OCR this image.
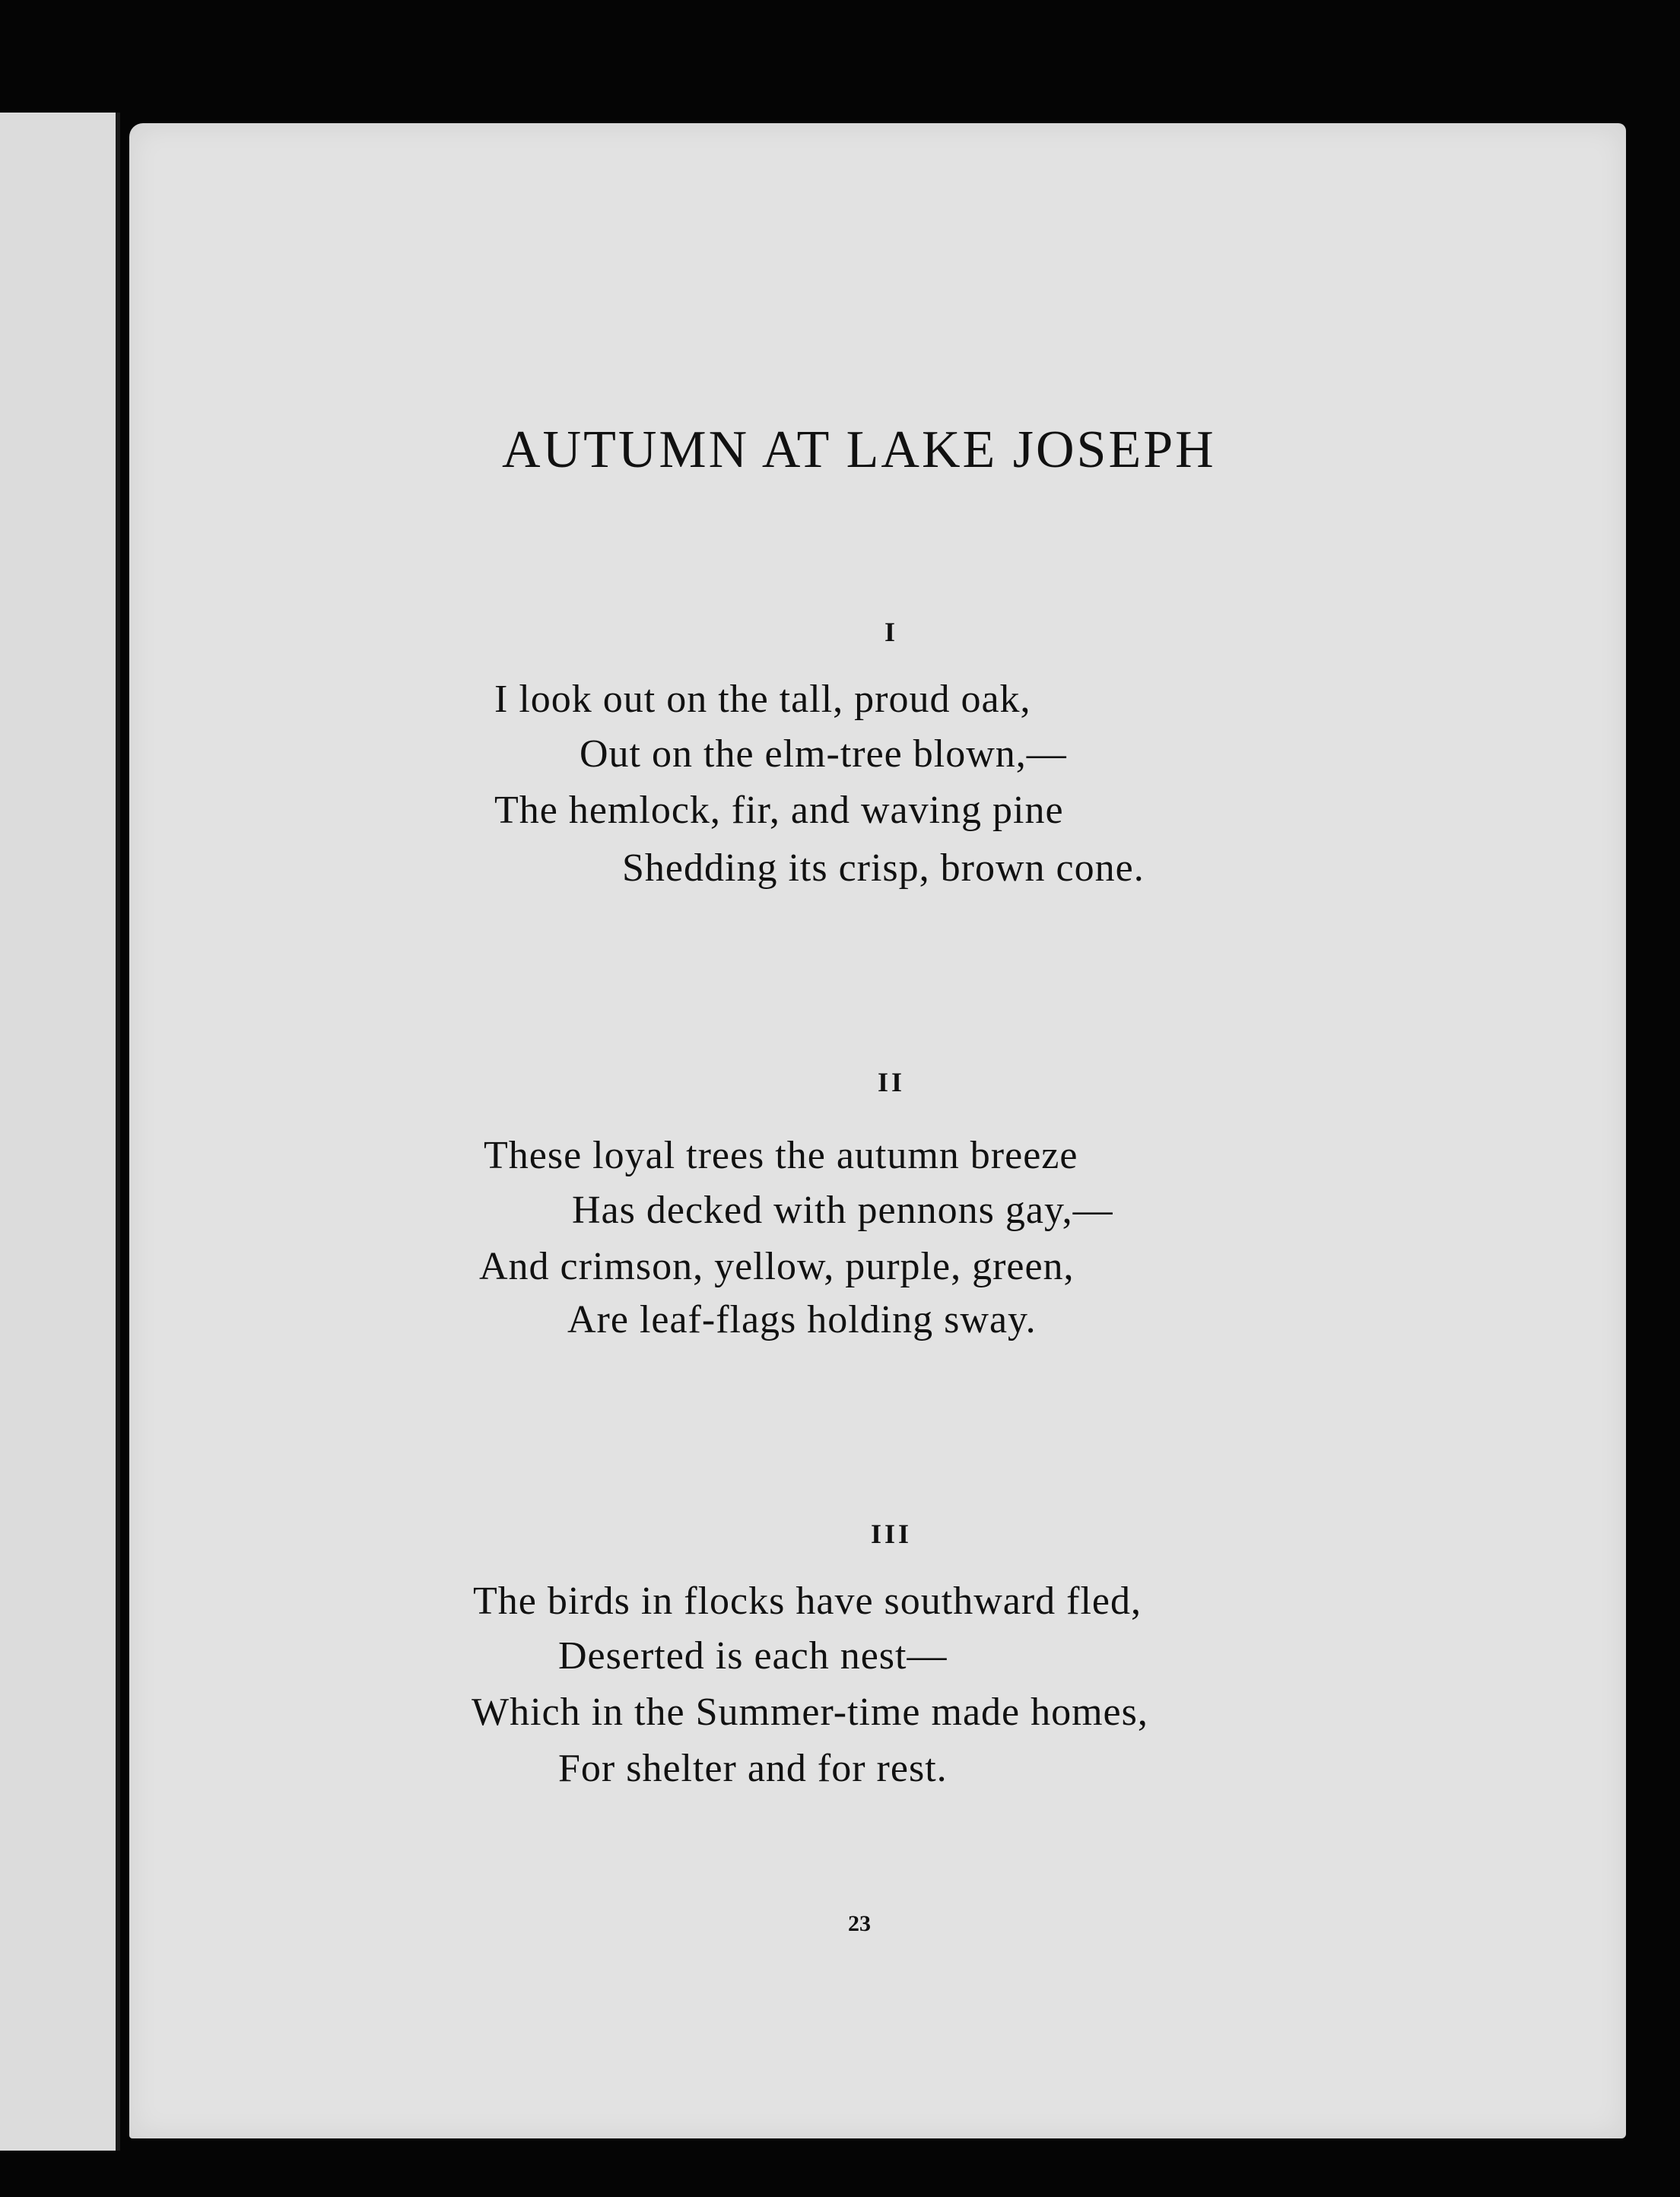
AUTUMN AT LAKE JOSEPH
I
I look out on the tall, proud oak,
Out on the elm-tree blown,—
The hemlock, fir, and waving pine
Shedding its crisp, brown cone.
II
These loyal trees the autumn breeze
Has decked with pennons gay,—
And crimson, yellow, purple, green,
Are leaf-flags holding sway.
III
The birds in flocks have southward fled,
Deserted is each nest—
Which in the Summer-time made homes,
For shelter and for rest.
23
